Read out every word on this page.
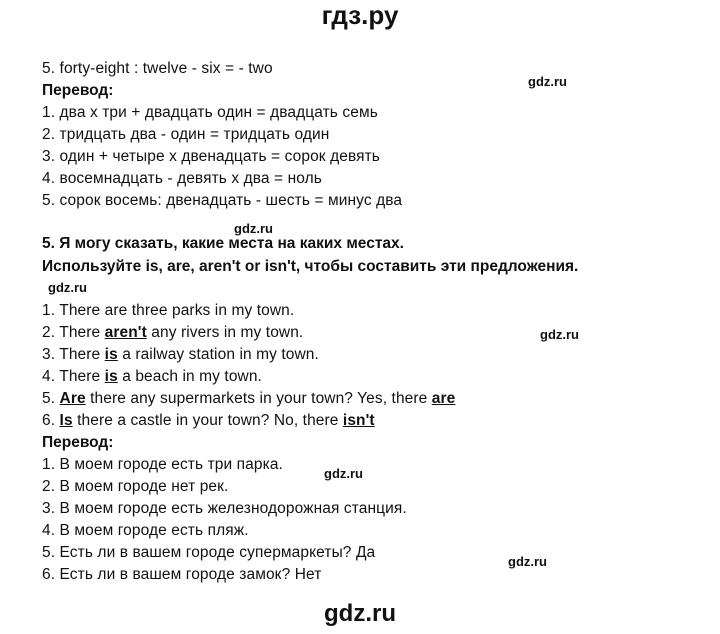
гдз.ру
5. forty-eight : twelve - six = - two
gdz.ru
Перевод:
1. два х три + двадцать один = двадцать семь
2. тридцать два - один = тридцать один
3. один + четыре х двенадцать = сорок девять
4. восемнадцать - девять х два = ноль
5. сорок восемь: двенадцать - шесть = минус два
gdz.ru
5. Я могу сказать, какие места на каких местах.
Используйте is, are, aren't or isn't, чтобы составить эти предложения.
gdz.ru
1. There are three parks in my town.
2. There aren't any rivers in my town.	gdz.ru
3. There is a railway station in my town.
4. There is a beach in my town.
5. Are there any supermarkets in your town? Yes, there are
6. Is there a castle in your town? No, there isn't
Перевод:
1. В моем городе есть три парка.
gdz.ru
2. В моем городе нет рек.
3. В моем городе есть железнодорожная станция.
4. В моем городе есть пляж.
5. Есть ли в вашем городе супермаркеты? Да
gdz.ru
6. Есть ли в вашем городе замок? Нет
gdz.ru
